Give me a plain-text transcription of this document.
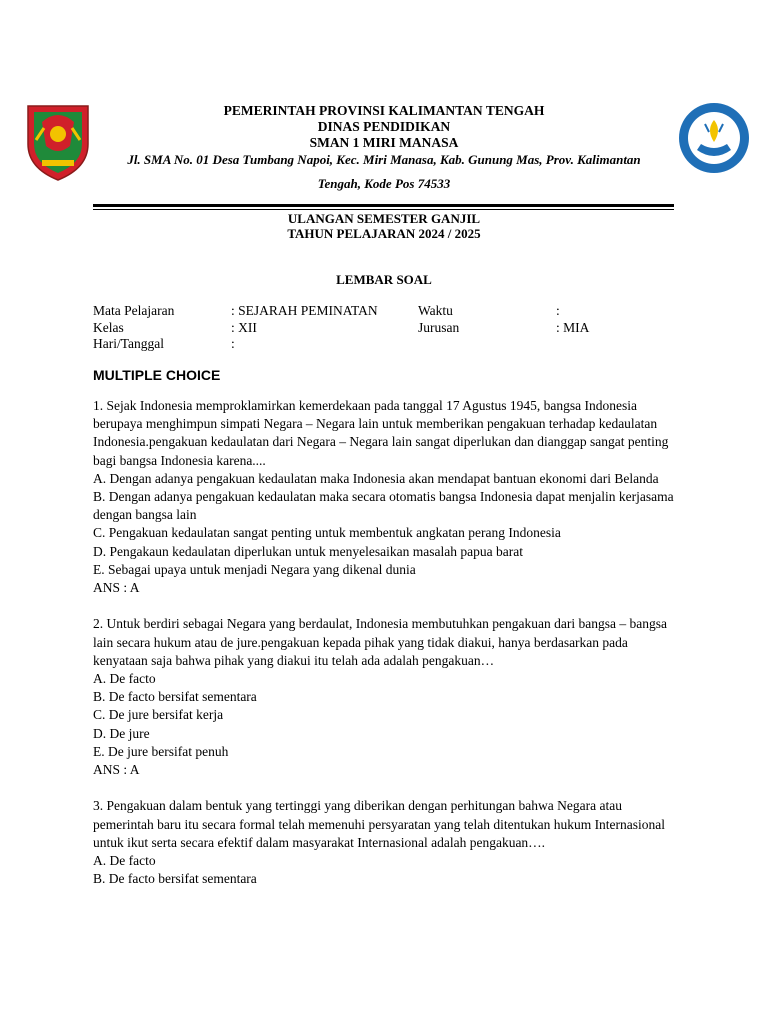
PEMERINTAH PROVINSI KALIMANTAN TENGAH
DINAS PENDIDIKAN
SMAN 1 MIRI MANASA
Jl. SMA No. 01 Desa Tumbang Napoi, Kec. Miri Manasa, Kab. Gunung Mas, Prov. Kalimantan
Tengah, Kode Pos 74533
ULANGAN SEMESTER GANJIL
TAHUN PELAJARAN 2024 / 2025
LEMBAR SOAL
Mata Pelajaran	: SEJARAH PEMINATAN	Waktu	:
Kelas	: XII	Jurusan	: MIA
Hari/Tanggal	:
MULTIPLE CHOICE

1. Sejak Indonesia memproklamirkan kemerdekaan pada tanggal 17 Agustus 1945, bangsa Indonesia berupaya menghimpun simpati Negara – Negara lain untuk memberikan pengakuan terhadap kedaulatan Indonesia.pengakuan kedaulatan dari Negara – Negara lain sangat diperlukan dan dianggap sangat penting bagi bangsa Indonesia karena....

A. Dengan adanya pengakuan kedaulatan maka Indonesia akan mendapat bantuan ekonomi dari Belanda

B. Dengan adanya pengakuan kedaulatan maka secara otomatis bangsa Indonesia dapat menjalin kerjasama dengan bangsa lain

C. Pengakuan kedaulatan sangat penting untuk membentuk angkatan perang Indonesia

D. Pengakaun kedaulatan diperlukan untuk menyelesaikan masalah papua barat

E. Sebagai upaya untuk menjadi Negara yang dikenal dunia

ANS : A

2. Untuk berdiri sebagai Negara yang berdaulat, Indonesia membutuhkan pengakuan dari bangsa – bangsa lain secara hukum atau de jure.pengakuan kepada pihak yang tidak diakui, hanya berdasarkan pada kenyataan saja bahwa pihak yang diakui itu telah ada adalah pengakuan…

A. De facto

B. De facto bersifat sementara

C. De jure bersifat kerja

D. De jure

E. De jure bersifat penuh

ANS : A

3. Pengakuan dalam bentuk yang tertinggi yang diberikan dengan perhitungan bahwa Negara atau pemerintah baru itu secara formal telah memenuhi persyaratan yang telah ditentukan hukum Internasional untuk ikut serta secara efektif dalam masyarakat Internasional adalah pengakuan….

A. De facto

B. De facto bersifat sementara
